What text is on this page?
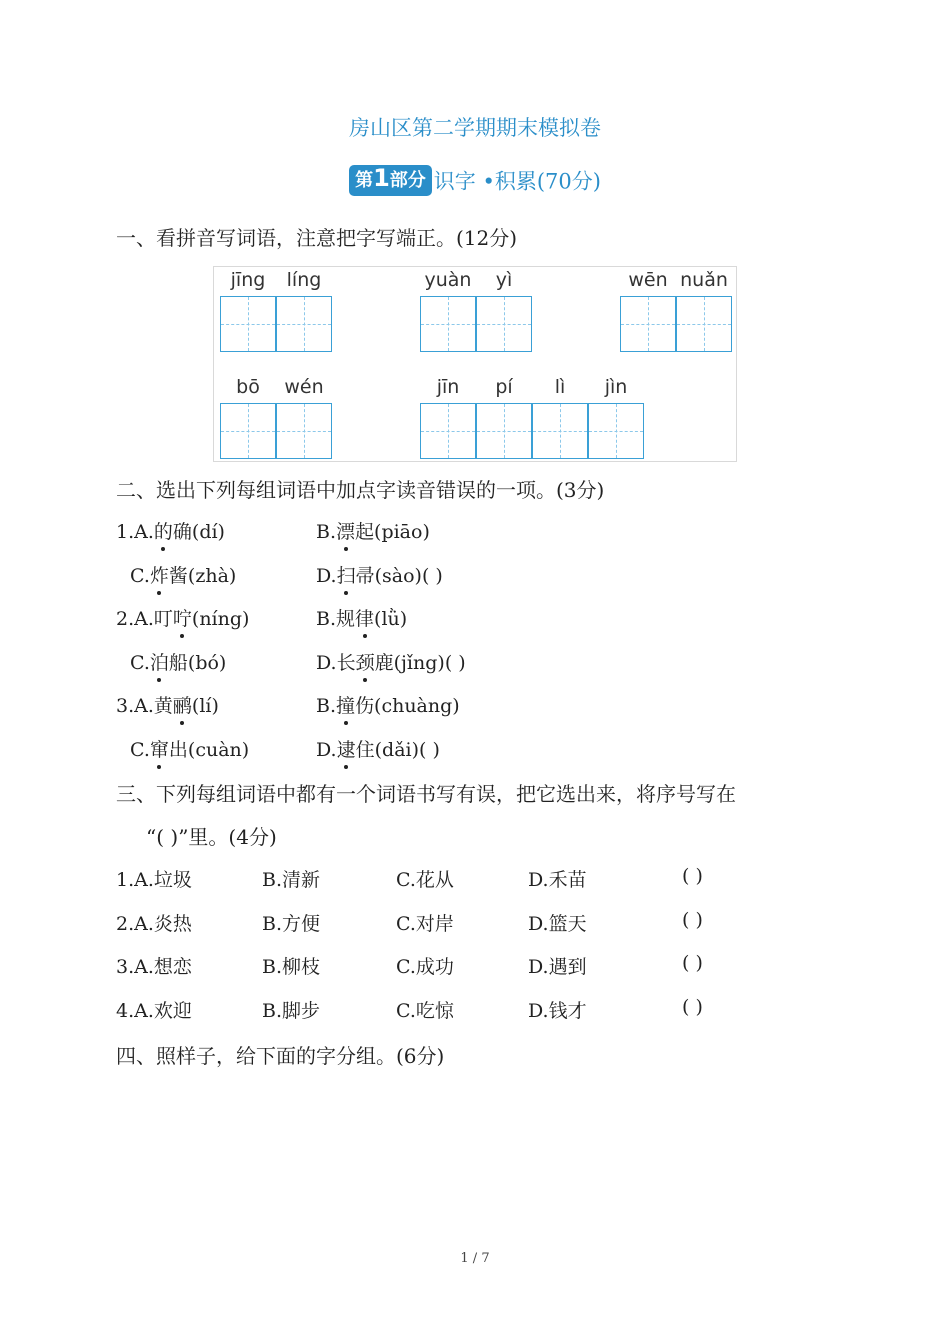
房山区第二学期期末模拟卷
第1部分 识字 •积累(70分)
一、看拼音写词语，注意把字写端正。(12分)
jīng	líng	yuàn	yì	wēn nuǎn
bō	wén	jīn	pí	lì	jìn
二、选出下列每组词语中加点字读音错误的一项。(3分)
1.A.的确(dí)	B.漂起(piāo)
C.炸酱(zhà)	D.扫帚(sào)( )
2.A.叮咛(níng)	B.规律(lǜ)
C.泊船(bó)	D.长颈鹿(jǐng)( )
3.A.黄鹂(lí)	B.撞伤(chuàng)
C.窜出(cuàn)	D.逮住(dǎi)( )
三、下列每组词语中都有一个词语书写有误，把它选出来，将序号写在
“( )”里。(4分)
1.A.垃圾	B.清新	C.花从	D.禾苗	( )
2.A.炎热	B.方便	C.对岸	D.篮天	( )
3.A.想恋	B.柳枝	C.成功	D.遇到	( )
4.A.欢迎	B.脚步	C.吃惊	D.钱才	( )
四、照样子，给下面的字分组。(6分)
1 / 7
